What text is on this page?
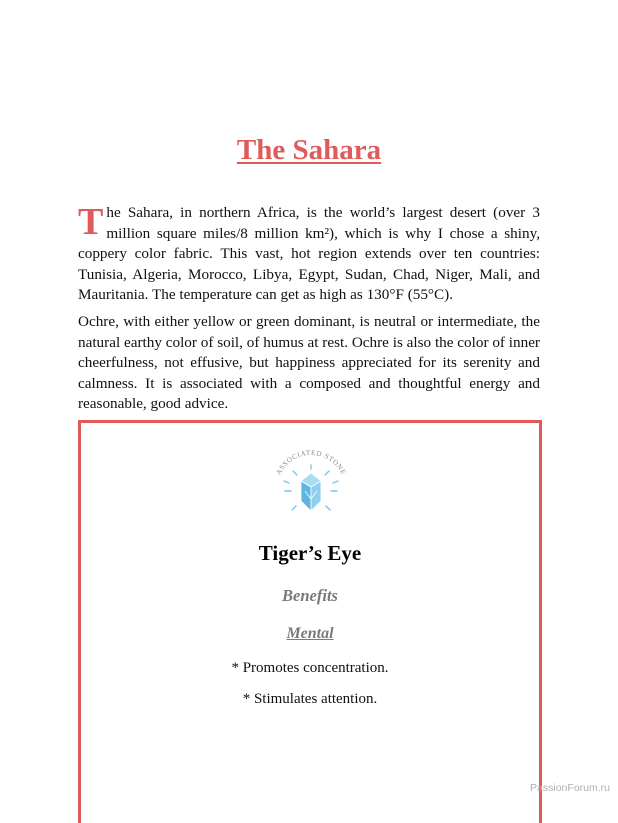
The Sahara

The Sahara, in northern Africa, is the world’s largest desert (over 3 million square miles/8 million km²), which is why I chose a shiny, coppery color fabric. This vast, hot region extends over ten countries: Tunisia, Algeria, Morocco, Libya, Egypt, Sudan, Chad, Niger, Mali, and Mauritania. The temperature can get as high as 130°F (55°C).

Ochre, with either yellow or green dominant, is neutral or intermediate, the natural earthy color of soil, of humus at rest. Ochre is also the color of inner cheerfulness, not effusive, but happiness appreciated for its serenity and calmness. It is associated with a composed and thoughtful energy and reasonable, good advice.

ASSOCIATED STONE
Tiger’s Eye
Benefits
Mental

* Promotes concentration.

* Stimulates attention.

PassionForum.ru
